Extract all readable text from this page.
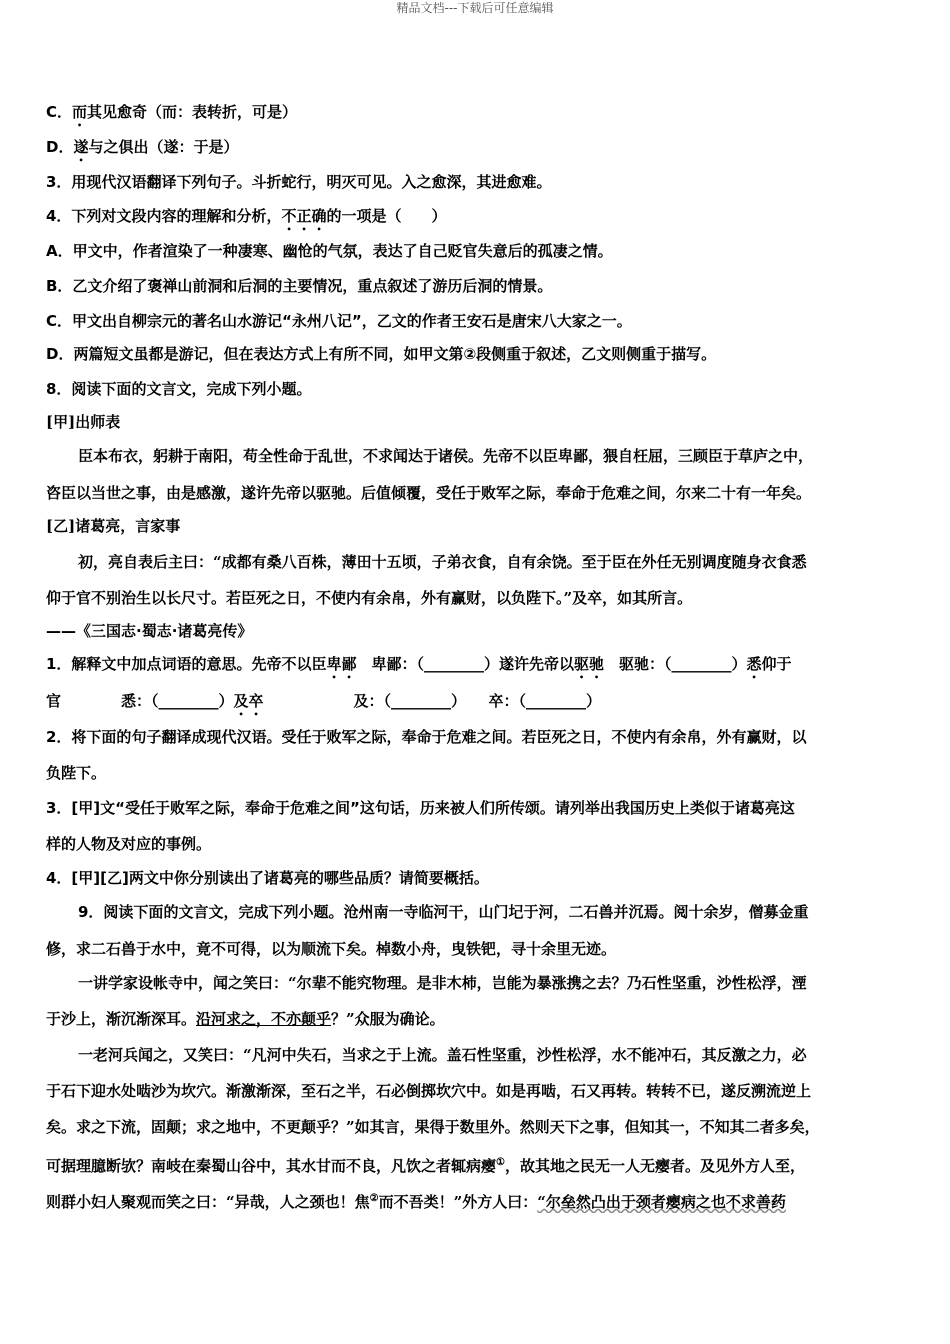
精品文档---下载后可任意编辑
C．而其见愈奇（而：表转折，可是）
D．遂与之俱出（遂：于是）
3．用现代汉语翻译下列句子。斗折蛇行，明灭可见。入之愈深，其进愈难。
4．下列对文段内容的理解和分析，不正确的一项是（　　）
A．甲文中，作者渲染了一种凄寒、幽怆的气氛，表达了自己贬官失意后的孤凄之情。
B．乙文介绍了褒禅山前洞和后洞的主要情况，重点叙述了游历后洞的情景。
C．甲文出自柳宗元的著名山水游记“永州八记”，乙文的作者王安石是唐宋八大家之一。
D．两篇短文虽都是游记，但在表达方式上有所不同，如甲文第②段侧重于叙述，乙文则侧重于描写。
8．阅读下面的文言文，完成下列小题。
[甲]出师表
臣本布衣，躬耕于南阳，苟全性命于乱世，不求闻达于诸侯。先帝不以臣卑鄙，猥自枉屈，三顾臣于草庐之中，
咨臣以当世之事，由是感激，遂许先帝以驱驰。后值倾覆，受任于败军之际，奉命于危难之间，尔来二十有一年矣。
[乙]诸葛亮，言家事
初，亮自表后主曰：“成都有桑八百株，薄田十五顷，子弟衣食，自有余饶。至于臣在外任无别调度随身衣食悉
仰于官不别治生以长尺寸。若臣死之日，不使内有余帛，外有赢财，以负陛下。”及卒，如其所言。
——《三国志·蜀志·诸葛亮传》
1．解释文中加点词语的意思。先帝不以臣卑鄙　卑鄙：（________）遂许先帝以驱驰　驱驰：（________）悉仰于
官　　　　悉：（________）及卒　　　　　　及：（________）　　卒：（________）
2．将下面的句子翻译成现代汉语。受任于败军之际，奉命于危难之间。若臣死之日，不使内有余帛，外有赢财，以
负陛下。
3．[甲]文“受任于败军之际，奉命于危难之间”这句话，历来被人们所传颂。请列举出我国历史上类似于诸葛亮这
样的人物及对应的事例。
4．[甲][乙]两文中你分别读出了诸葛亮的哪些品质？请简要概括。
9．阅读下面的文言文，完成下列小题。沧州南一寺临河干，山门圮于河，二石兽并沉焉。阅十余岁，僧募金重
修，求二石兽于水中，竟不可得，以为顺流下矣。棹数小舟，曳铁钯，寻十余里无迹。
一讲学家设帐寺中，闻之笑曰：“尔辈不能究物理。是非木杮，岂能为暴涨携之去？乃石性坚重，沙性松浮，湮
于沙上，渐沉渐深耳。沿河求之，不亦颠乎？”众服为确论。
一老河兵闻之，又笑曰：“凡河中失石，当求之于上流。盖石性坚重，沙性松浮，水不能冲石，其反激之力，必
于石下迎水处啮沙为坎穴。渐激渐深，至石之半，石必倒掷坎穴中。如是再啮，石又再转。转转不已，遂反溯流逆上
矣。求之下流，固颠；求之地中，不更颠乎？”如其言，果得于数里外。然则天下之事，但知其一，不知其二者多矣，
可据理臆断欤？南岐在秦蜀山谷中，其水甘而不良，凡饮之者辄病瘿①，故其地之民无一人无瘿者。及见外方人至，
则群小妇人聚观而笑之曰：“异哉，人之颈也！焦②而不吾类！”外方人曰：“尔垒然凸出于颈者瘿病之也不求善药
